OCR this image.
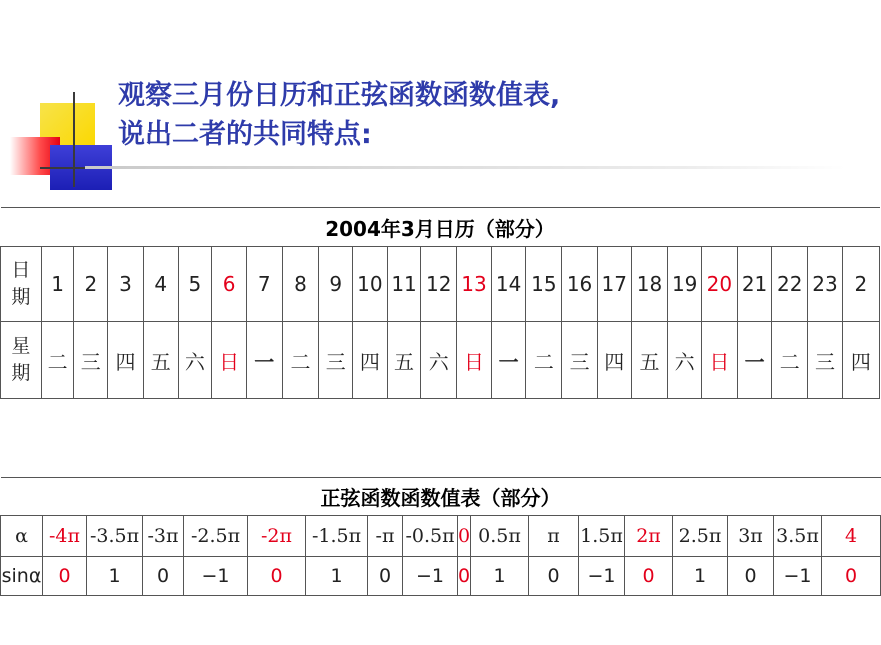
观察三月份日历和正弦函数函数值表,
说出二者的共同特点:
2004年3月日历（部分）																								
日期	1	2	3	4	5	6	7	8	9	10	11	12	13	14	15	16	17	18	19	20	21	22	23	2
星期	二	三	四	五	六	日	一	二	三	四	五	六	日	一	二	三	四	五	六	日	一	二	三	四
正弦函数函数值表（部分）																	
α	-4π	-3.5π	-3π	-2.5π	-2π	-1.5π	-π	-0.5π	0	0.5π	π	1.5π	2π	2.5π	3π	3.5π	4
sinα	0	1	0	−1	0	1	0	−1	0	1	0	−1	0	1	0	−1	0
